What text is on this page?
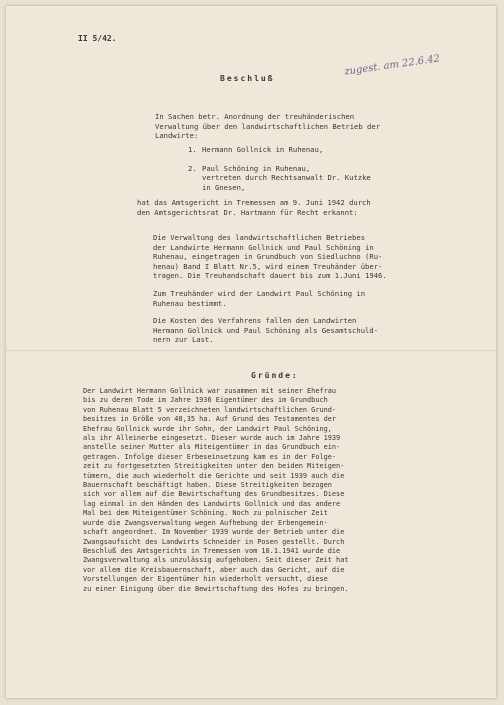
II 5/42.
Beschluß
zugest. am 22.6.42
In Sachen betr. Anordnung der treuhänderischen
Verwaltung über den landwirtschaftlichen Betrieb der
Landwirte:
1. Hermann Gollnick in Ruhenau,
2. Paul Schöning in Ruhenau,
vertreten durch Rechtsanwalt Dr. Kutzke
in Gnesen,
hat das Amtsgericht in Tremessen am 9. Juni 1942 durch
den Amtsgerichtsrat Dr. Hartmann für Recht erkannt:

Die Verwaltung des landwirtschaftlichen Betriebes
der Landwirte Hermann Gollnick und Paul Schöning in
Ruhenau, eingetragen in Grundbuch von Siedluchno (Ru-
henau) Band I Blatt Nr.5, wird einem Treuhänder über-
tragen. Die Treuhandschaft dauert bis zum 1.Juni 1946.

Zum Treuhänder wird der Landwirt Paul Schöning in
Ruhenau bestimmt.

Die Kosten des Verfahrens fallen den Landwirten
Hermann Gollnick und Paul Schöning als Gesamtschuld-
nern zur Last.

Gründe:
Der Landwirt Hermann Gollnick war zusammen mit seiner Ehefrau
bis zu deren Tode im Jahre 1936 Eigentümer des im Grundbuch
von Ruhenau Blatt 5 verzeichneten landwirtschaftlichen Grund-
besitzes in Größe von 48,35 ha. Auf Grund des Testamentes der
Ehefrau Gollnick wurde ihr Sohn, der Landwirt Paul Schöning,
als ihr Alleinerbe eingesetzt. Dieser wurde auch im Jahre 1939
anstelle seiner Mutter als Miteigentümer in das Grundbuch ein-
getragen. Infolge dieser Erbeseinsetzung kam es in der Folge-
zeit zu fortgesetzten Streitigkeiten unter den beiden Miteigen-
tümern, die auch wiederholt die Gerichte und seit 1939 auch die
Bauernschaft beschäftigt haben. Diese Streitigkeiten bezogen
sich vor allem auf die Bewirtschaftung des Grundbesitzes. Diese
lag einmal in den Händen des Landwirts Gollnick und das andere
Mal bei dem Miteigentümer Schöning. Noch zu polnischer Zeit
wurde die Zwangsverwaltung wegen Aufhebung der Erbengemein-
schaft angeordnet. Im November 1939 wurde der Betrieb unter die
Zwangsaufsicht des Landwirts Schneider in Posen gestellt. Durch
Beschluß des Amtsgerichts in Tremessen vom 18.1.1941 wurde die
Zwangsverwaltung als unzulässig aufgehoben. Seit dieser Zeit hat
vor allem die Kreisbauernschaft, aber auch das Gericht, auf die
Vorstellungen der Eigentümer hin wiederholt versucht, diese
zu einer Einigung über die Bewirtschaftung des Hofes zu bringen.
